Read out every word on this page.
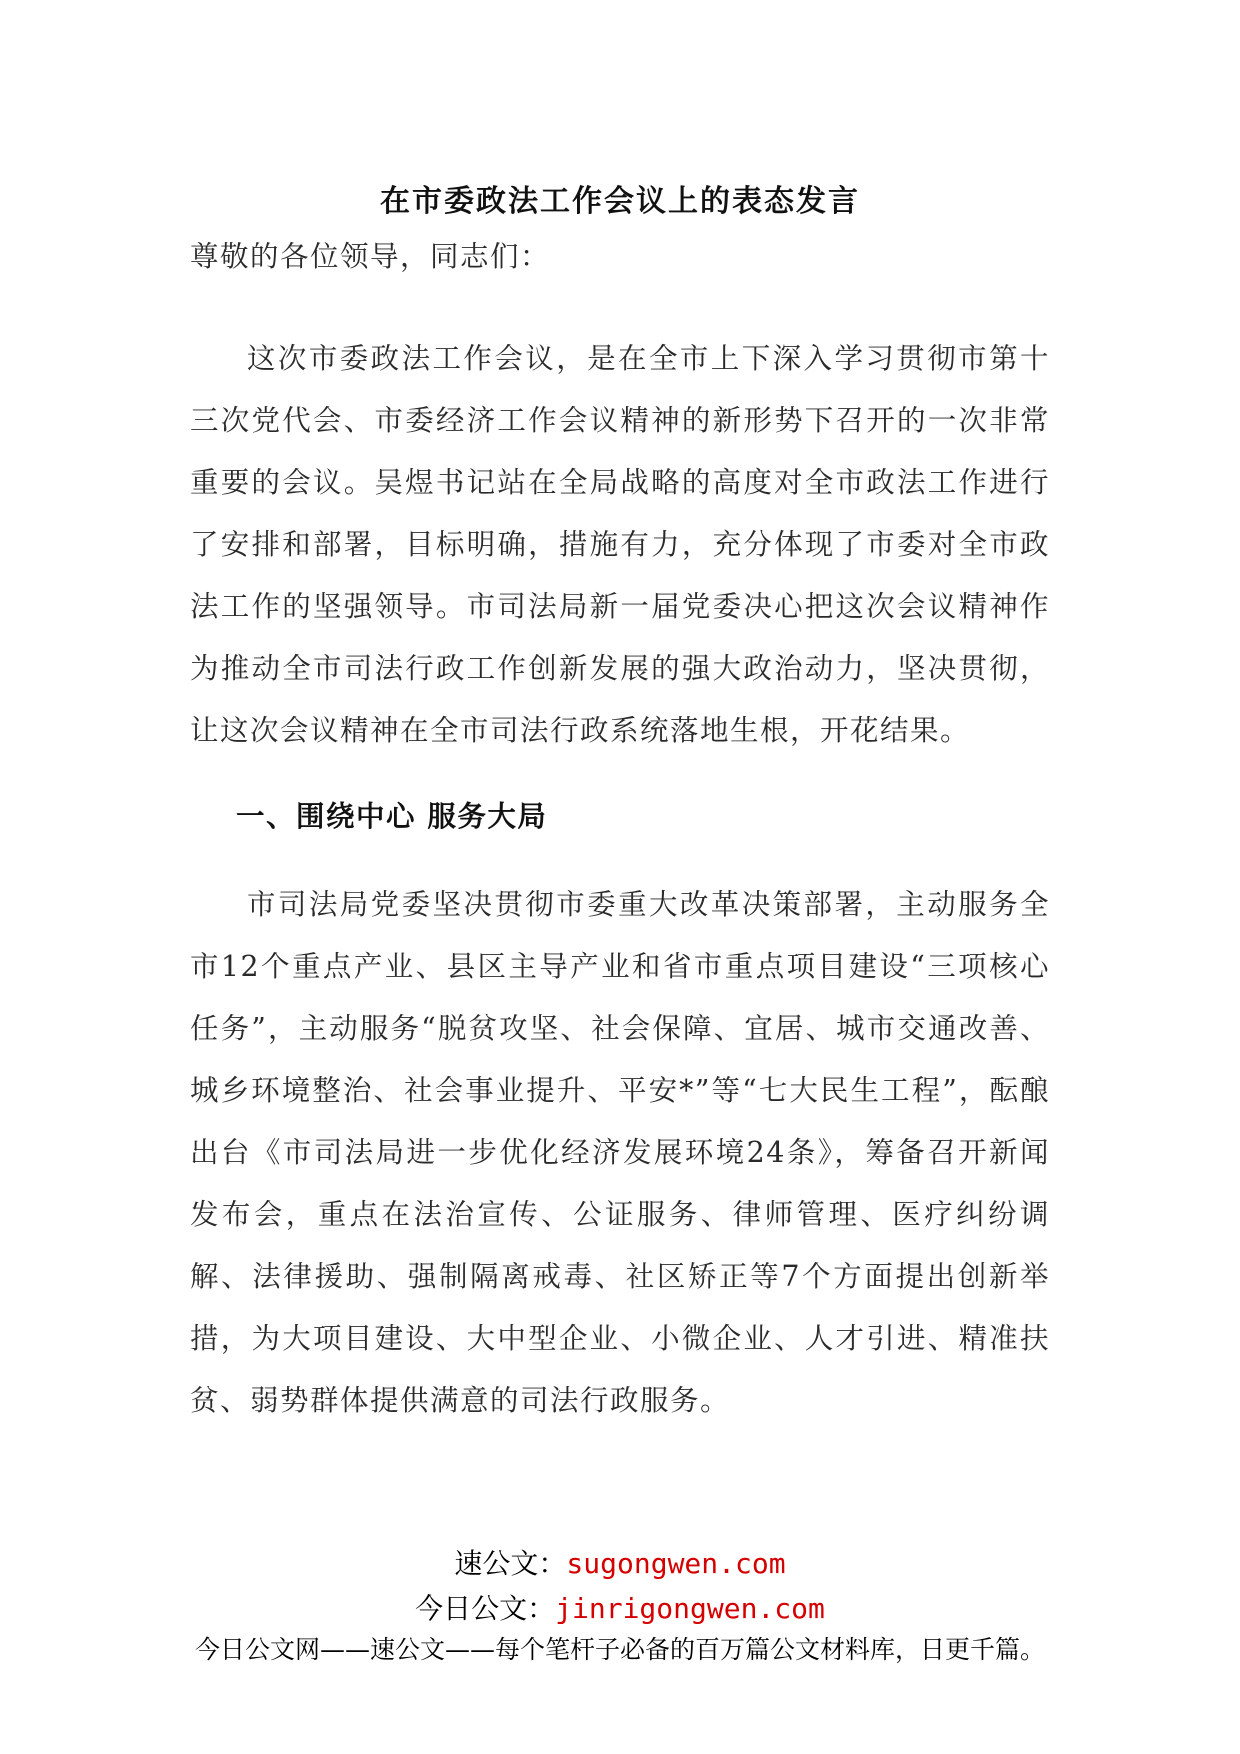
在市委政法工作会议上的表态发言
尊敬的各位领导，同志们：
这次市委政法工作会议，是在全市上下深入学习贯彻市第十三次党代会、市委经济工作会议精神的新形势下召开的一次非常重要的会议。吴煜书记站在全局战略的高度对全市政法工作进行了安排和部署，目标明确，措施有力，充分体现了市委对全市政法工作的坚强领导。市司法局新一届党委决心把这次会议精神作为推动全市司法行政工作创新发展的强大政治动力，坚决贯彻，让这次会议精神在全市司法行政系统落地生根，开花结果。
一、围绕中心 服务大局
市司法局党委坚决贯彻市委重大改革决策部署，主动服务全市12个重点产业、县区主导产业和省市重点项目建设“三项核心任务”，主动服务“脱贫攻坚、社会保障、宜居、城市交通改善、城乡环境整治、社会事业提升、平安*”等“七大民生工程”，酝酿出台《市司法局进一步优化经济发展环境24条》，筹备召开新闻发布会，重点在法治宣传、公证服务、律师管理、医疗纠纷调解、法律援助、强制隔离戒毒、社区矫正等7个方面提出创新举措，为大项目建设、大中型企业、小微企业、人才引进、精准扶贫、弱势群体提供满意的司法行政服务。
速公文：sugongwen.com
今日公文：jinrigongwen.com
今日公文网——速公文——每个笔杆子必备的百万篇公文材料库，日更千篇。
